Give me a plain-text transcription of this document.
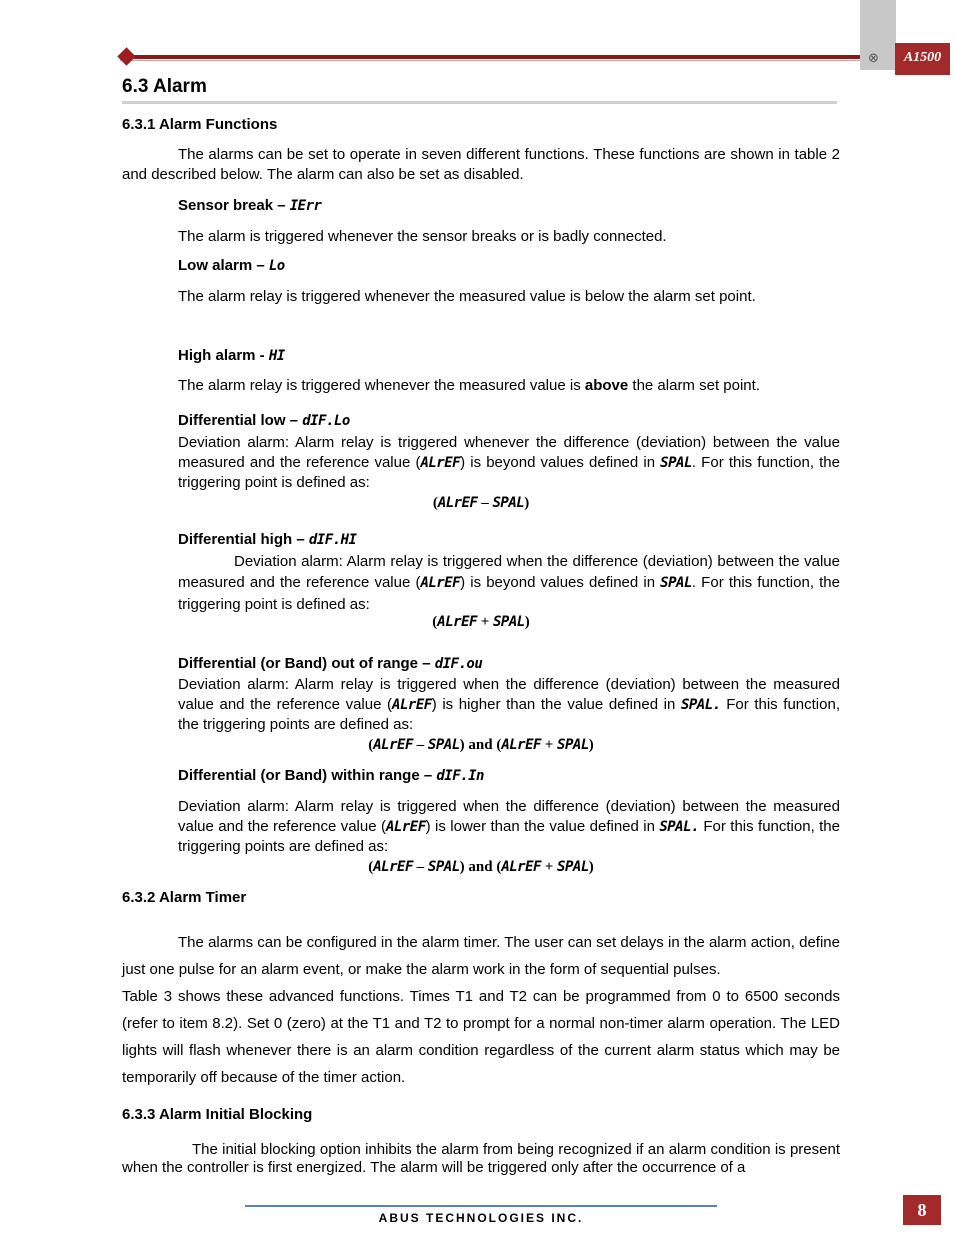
⊗	A1500
6.3 Alarm
6.3.1 Alarm Functions
The alarms can be set to operate in seven different functions. These functions are shown in table 2 and described below. The alarm can also be set as disabled.
Sensor break – IErr
The alarm is triggered whenever the sensor breaks or is badly connected.
Low alarm – Lo
The alarm relay is triggered whenever the measured value is below the alarm set point.
High alarm - HI
The alarm relay is triggered whenever the measured value is above the alarm set point.
Differential low – dIF.Lo
Deviation alarm: Alarm relay is triggered whenever the difference (deviation) between the value measured and the reference value (ALrEF) is beyond values defined in SPAL. For this function, the triggering point is defined as:
(ALrEF – SPAL)
Differential high – dIF.HI
Deviation alarm: Alarm relay is triggered when the difference (deviation) between the value measured and the reference value (ALrEF) is beyond values defined in SPAL. For this function, the triggering point is defined as:
(ALrEF + SPAL)
Differential (or Band) out of range – dIF.ou
Deviation alarm: Alarm relay is triggered when the difference (deviation) between the measured value and the reference value (ALrEF) is higher than the value defined in SPAL. For this function, the triggering points are defined as:
(ALrEF – SPAL) and (ALrEF + SPAL)
Differential (or Band) within range – dIF.In
Deviation alarm: Alarm relay is triggered when the difference (deviation) between the measured value and the reference value (ALrEF) is lower than the value defined in SPAL. For this function, the triggering points are defined as:
(ALrEF – SPAL) and (ALrEF + SPAL)
6.3.2 Alarm Timer
The alarms can be configured in the alarm timer. The user can set delays in the alarm action, define just one pulse for an alarm event, or make the alarm work in the form of sequential pulses.
Table 3 shows these advanced functions. Times T1 and T2 can be programmed from 0 to 6500 seconds (refer to item 8.2). Set 0 (zero) at the T1 and T2 to prompt for a normal non-timer alarm operation. The LED lights will flash whenever there is an alarm condition regardless of the current alarm status which may be temporarily off because of the timer action.
6.3.3 Alarm Initial Blocking
The initial blocking option inhibits the alarm from being recognized if an alarm condition is present when the controller is first energized. The alarm will be triggered only after the occurrence of a
ABUS TECHNOLOGIES INC.	8
